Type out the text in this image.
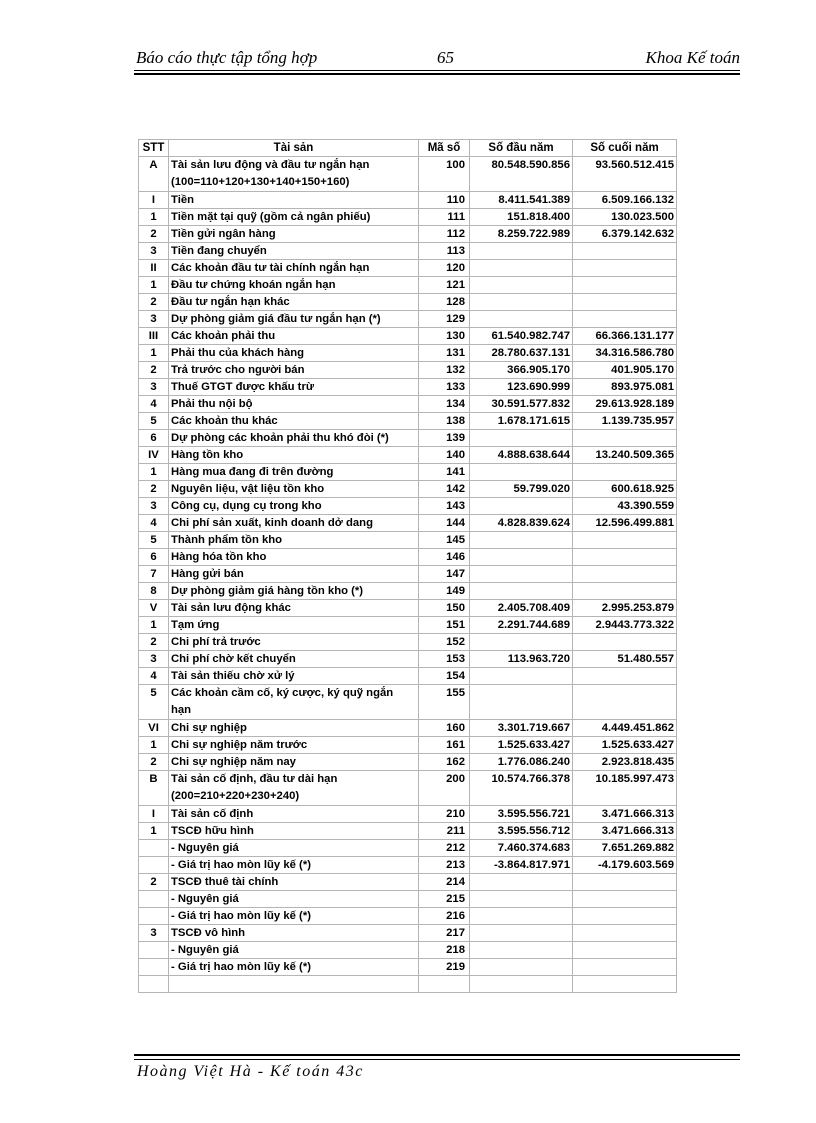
Báo cáo thực tập tổng hợp	65	Khoa Kế toán
STT	Tài sản	Mã số	Số đầu năm	Số cuối năm
A	Tài sản lưu động và đầu tư ngắn hạn (100=110+120+130+140+150+160)	100	80.548.590.856	93.560.512.415
I	Tiền	110	8.411.541.389	6.509.166.132
1	Tiền mặt tại quỹ (gồm cả ngân phiếu)	111	151.818.400	130.023.500
2	Tiền gửi ngân hàng	112	8.259.722.989	6.379.142.632
3	Tiền đang chuyển	113		
II	Các khoản đầu tư tài chính ngắn hạn	120		
1	Đầu tư chứng khoán ngắn hạn	121		
2	Đầu tư ngắn hạn khác	128		
3	Dự phòng giảm giá đầu tư ngắn hạn (*)	129		
III	Các khoản phải thu	130	61.540.982.747	66.366.131.177
1	Phải thu của khách hàng	131	28.780.637.131	34.316.586.780
2	Trả trước cho người bán	132	366.905.170	401.905.170
3	Thuế GTGT được khấu trừ	133	123.690.999	893.975.081
4	Phải thu nội bộ	134	30.591.577.832	29.613.928.189
5	Các khoản thu khác	138	1.678.171.615	1.139.735.957
6	Dự phòng các khoản phải thu khó đòi (*)	139		
IV	Hàng tồn kho	140	4.888.638.644	13.240.509.365
1	Hàng mua đang đi trên đường	141		
2	Nguyên liệu, vật liệu tồn kho	142	59.799.020	600.618.925
3	Công cụ, dụng cụ trong kho	143		43.390.559
4	Chi phí sản xuất, kinh doanh dở dang	144	4.828.839.624	12.596.499.881
5	Thành phẩm tồn kho	145		
6	Hàng hóa tồn kho	146		
7	Hàng gửi bán	147		
8	Dự phòng giảm giá hàng tồn kho (*)	149		
V	Tài sản lưu động khác	150	2.405.708.409	2.995.253.879
1	Tạm ứng	151	2.291.744.689	2.9443.773.322
2	Chi phí trả trước	152		
3	Chi phí chờ kết chuyển	153	113.963.720	51.480.557
4	Tài sản thiếu chờ xử lý	154		
5	Các khoản cầm cố, ký cược, ký quỹ ngắn hạn	155		
VI	Chi sự nghiệp	160	3.301.719.667	4.449.451.862
1	Chi sự nghiệp năm trước	161	1.525.633.427	1.525.633.427
2	Chi sự nghiệp năm nay	162	1.776.086.240	2.923.818.435
B	Tài sản cố định, đầu tư dài hạn (200=210+220+230+240)	200	10.574.766.378	10.185.997.473
I	Tài sản cố định	210	3.595.556.721	3.471.666.313
1	TSCĐ hữu hình	211	3.595.556.712	3.471.666.313
	- Nguyên giá	212	7.460.374.683	7.651.269.882
	- Giá trị hao mòn lũy kế (*)	213	-3.864.817.971	-4.179.603.569
2	TSCĐ thuê tài chính	214		
	- Nguyên giá	215		
	- Giá trị hao mòn lũy kế (*)	216		
3	TSCĐ vô hình	217		
	- Nguyên giá	218		
	- Giá trị hao mòn lũy kế (*)	219		

Hoàng Việt Hà - Kế toán 43c
